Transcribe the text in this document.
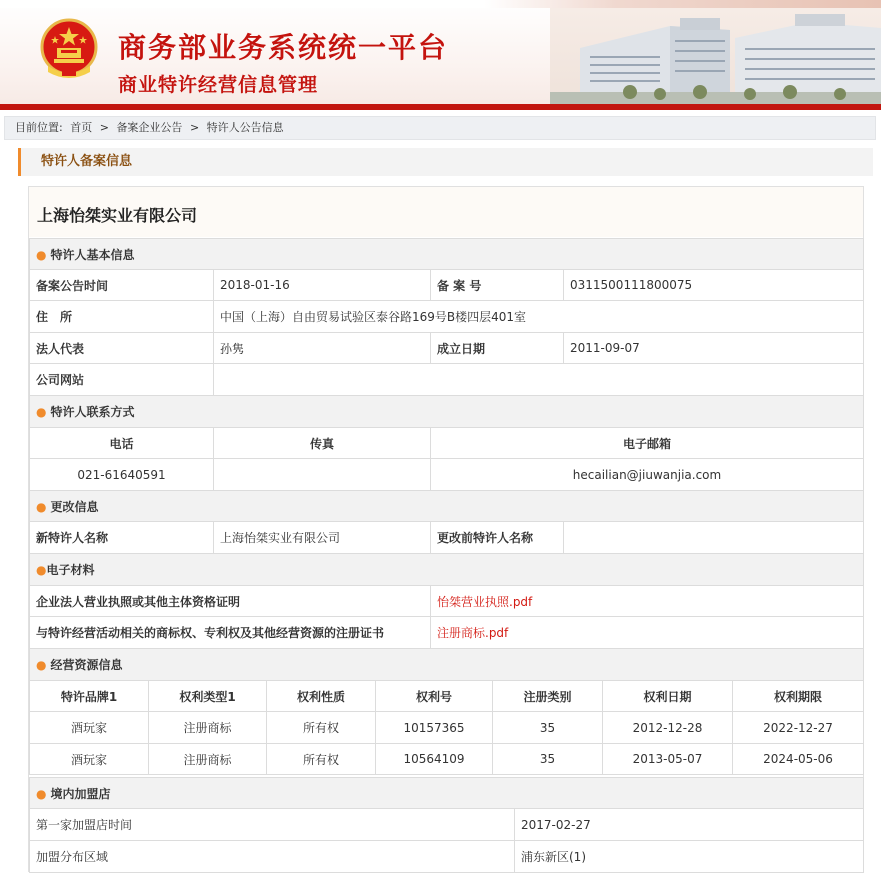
商务部业务系统统一平台
商业特许经营信息管理
目前位置: 首页 > 备案企业公告 > 特许人公告信息
特许人备案信息
上海怡桀实业有限公司
● 特许人基本信息			
备案公告时间	2018-01-16	备 案 号	0311500111800075
住　所	中国（上海）自由贸易试验区泰谷路169号B楼四层401室		
法人代表	孙隽	成立日期	2011-09-07
公司网站			
● 特许人联系方式			
电话	传真	电子邮箱	
021-61640591		hecailian@jiuwanjia.com	
● 更改信息			
新特许人名称	上海怡桀实业有限公司	更改前特许人名称	
●电子材料	
企业法人营业执照或其他主体资格证明	怡桀营业执照.pdf
与特许经营活动相关的商标权、专利权及其他经营资源的注册证书	注册商标.pdf
● 经营资源信息						
特许品牌1	权利类型1	权利性质	权利号	注册类别	权利日期	权利期限
酒玩家	注册商标	所有权	10157365	35	2012-12-28	2022-12-27
酒玩家	注册商标	所有权	10564109	35	2013-05-07	2024-05-06
● 境内加盟店	
第一家加盟店时间	2017-02-27
加盟分布区域	浦东新区(1)
